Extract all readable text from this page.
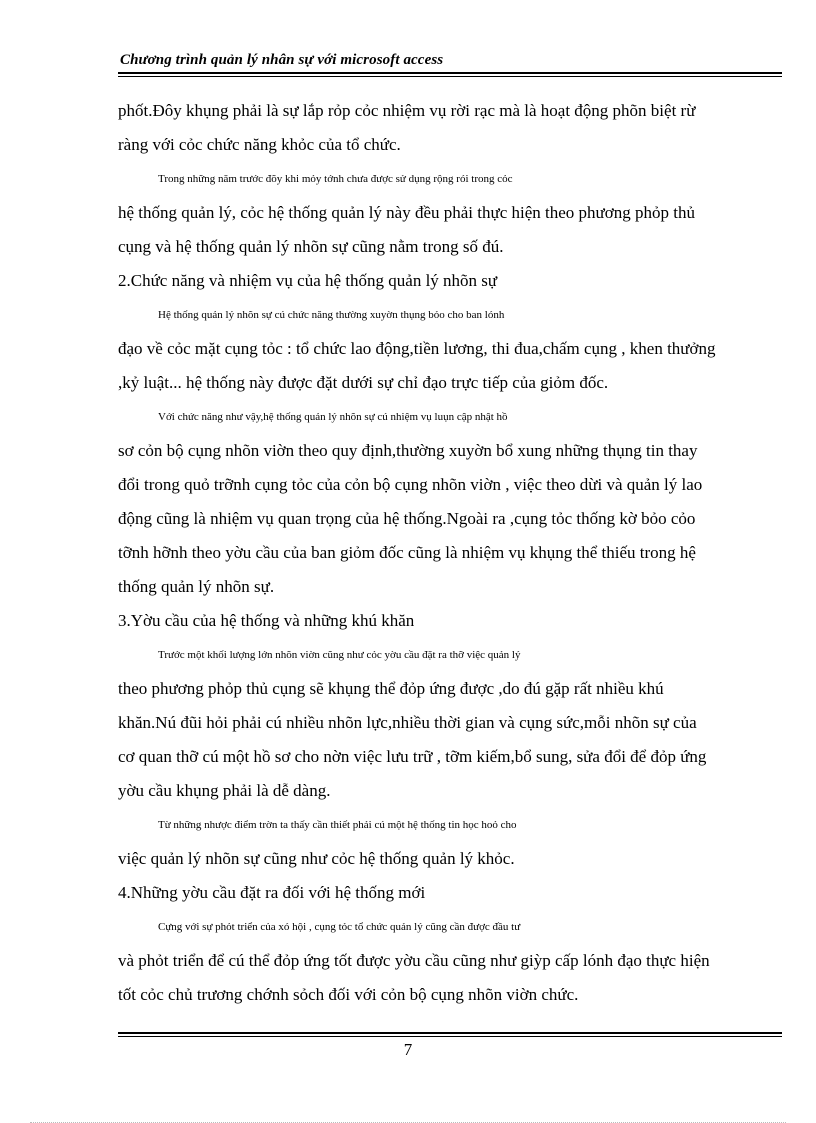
Chương trình quản lý nhân sự với microsoft access

phốt.Đôy khụng phải là sự lắp rỏp cỏc nhiệm vụ rời rạc mà là hoạt động phõn biệt rừ
ràng với cỏc chức năng khỏc của tổ chức.

Trong những năm trước đõy khi mỏy tớnh chưa được sử dụng rộng rói trong cỏc
hệ thống quản lý, cỏc hệ thống quản lý này đều phải thực hiện theo phương phỏp thủ
cụng và hệ thống quản lý nhõn sự cũng nằm trong số đú.

2.Chức năng và nhiệm vụ của hệ thống quản lý nhõn sự

Hệ thống quản lý nhõn sự cú chức năng thường xuyờn thụng bỏo cho ban lónh
đạo về cỏc mặt cụng tỏc : tổ chức lao động,tiền lương, thi đua,chấm cụng , khen thưởng
,kỷ luật... hệ thống này được đặt dưới sự chỉ đạo trực tiếp của giỏm đốc.

Với chức năng như vậy,hệ thống quản lý nhõn sự cú nhiệm vụ luụn cập nhật hồ
sơ cỏn bộ cụng nhõn viờn theo quy định,thường xuyờn bổ xung những thụng tin thay
đổi trong quỏ trỡnh cụng tỏc của cỏn bộ cụng nhõn viờn , việc theo dừi và quản lý lao
động cũng là nhiệm vụ quan trọng của hệ thống.Ngoài ra ,cụng tỏc thống kờ bỏo cỏo
tỡnh hỡnh theo yờu cầu của ban giỏm đốc cũng là nhiệm vụ khụng thể thiếu trong hệ
thống quản lý nhõn sự.

3.Yờu cầu của hệ thống và những khú khăn

Trước một khối lượng lớn nhõn viờn cũng như cỏc yờu cầu đặt ra thỡ việc quản lý
theo phương phỏp thủ cụng sẽ khụng thể đỏp ứng được ,do đú gặp rất nhiều khú
khăn.Nú đũi hỏi phải cú nhiều nhõn lực,nhiều thời gian và cụng sức,mỗi nhõn sự của
cơ quan thỡ cú một hồ sơ cho nờn việc lưu trữ , tỡm kiếm,bổ sung, sửa đổi để đỏp ứng
yờu cầu khụng phải là dễ dàng.

Từ những nhược điểm trờn ta thấy cần thiết phải cú một hệ thống tin học hoỏ cho
việc quản lý nhõn sự cũng như cỏc hệ thống quản lý khỏc.

4.Những yờu cầu đặt ra đối với hệ thống mới

Cựng với sự phỏt triển của xó hội , cụng tỏc tổ chức quản lý cũng cần được đầu tư
và phỏt triển để cú thể đỏp ứng tốt được yờu cầu cũng như giỳp cấp lónh đạo thực hiện
tốt cỏc chủ trương chớnh sỏch đối với cỏn bộ cụng nhõn viờn chức.

7
